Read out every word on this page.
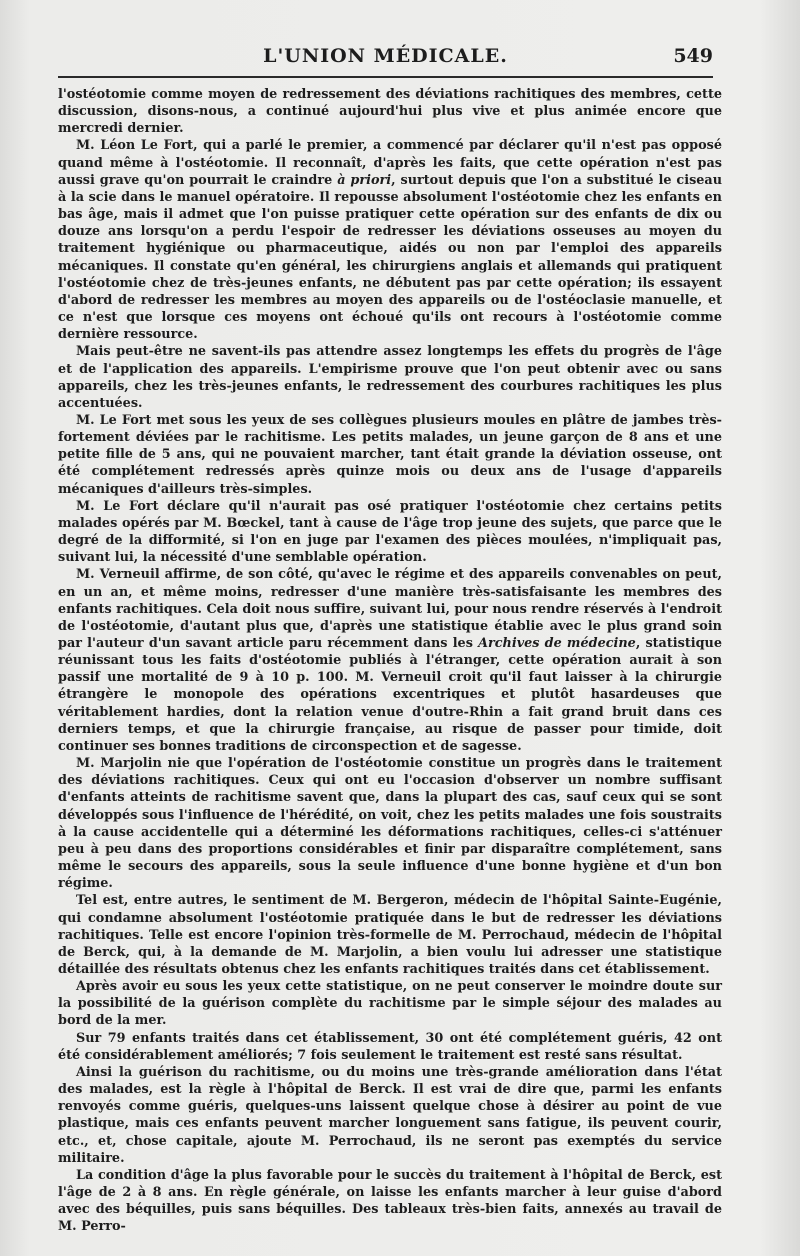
L'UNION MÉDICALE.	549

l'ostéotomie comme moyen de redressement des déviations rachitiques des membres, cette discussion, disons-nous, a continué aujourd'hui plus vive et plus animée encore que mercredi dernier.

M. Léon Le Fort, qui a parlé le premier, a commencé par déclarer qu'il n'est pas opposé quand même à l'ostéotomie. Il reconnaît, d'après les faits, que cette opération n'est pas aussi grave qu'on pourrait le craindre à priori, surtout depuis que l'on a substitué le ciseau à la scie dans le manuel opératoire. Il repousse absolument l'ostéotomie chez les enfants en bas âge, mais il admet que l'on puisse pratiquer cette opération sur des enfants de dix ou douze ans lorsqu'on a perdu l'espoir de redresser les déviations osseuses au moyen du traitement hygiénique ou pharmaceutique, aidés ou non par l'emploi des appareils mécaniques. Il constate qu'en général, les chirurgiens anglais et allemands qui pratiquent l'ostéotomie chez de très-jeunes enfants, ne débutent pas par cette opération; ils essayent d'abord de redresser les membres au moyen des appareils ou de l'ostéoclasie manuelle, et ce n'est que lorsque ces moyens ont échoué qu'ils ont recours à l'ostéotomie comme dernière ressource.

Mais peut-être ne savent-ils pas attendre assez longtemps les effets du progrès de l'âge et de l'application des appareils. L'empirisme prouve que l'on peut obtenir avec ou sans appareils, chez les très-jeunes enfants, le redressement des courbures rachitiques les plus accentuées.

M. Le Fort met sous les yeux de ses collègues plusieurs moules en plâtre de jambes très-fortement déviées par le rachitisme. Les petits malades, un jeune garçon de 8 ans et une petite fille de 5 ans, qui ne pouvaient marcher, tant était grande la déviation osseuse, ont été complétement redressés après quinze mois ou deux ans de l'usage d'appareils mécaniques d'ailleurs très-simples.

M. Le Fort déclare qu'il n'aurait pas osé pratiquer l'ostéotomie chez certains petits malades opérés par M. Bœckel, tant à cause de l'âge trop jeune des sujets, que parce que le degré de la difformité, si l'on en juge par l'examen des pièces moulées, n'impliquait pas, suivant lui, la nécessité d'une semblable opération.

M. Verneuil affirme, de son côté, qu'avec le régime et des appareils convenables on peut, en un an, et même moins, redresser d'une manière très-satisfaisante les membres des enfants rachitiques. Cela doit nous suffire, suivant lui, pour nous rendre réservés à l'endroit de l'ostéotomie, d'autant plus que, d'après une statistique établie avec le plus grand soin par l'auteur d'un savant article paru récemment dans les Archives de médecine, statistique réunissant tous les faits d'ostéotomie publiés à l'étranger, cette opération aurait à son passif une mortalité de 9 à 10 p. 100. M. Verneuil croit qu'il faut laisser à la chirurgie étrangère le monopole des opérations excentriques et plutôt hasardeuses que véritablement hardies, dont la relation venue d'outre-Rhin a fait grand bruit dans ces derniers temps, et que la chirurgie française, au risque de passer pour timide, doit continuer ses bonnes traditions de circonspection et de sagesse.

M. Marjolin nie que l'opération de l'ostéotomie constitue un progrès dans le traitement des déviations rachitiques. Ceux qui ont eu l'occasion d'observer un nombre suffisant d'enfants atteints de rachitisme savent que, dans la plupart des cas, sauf ceux qui se sont développés sous l'influence de l'hérédité, on voit, chez les petits malades une fois soustraits à la cause accidentelle qui a déterminé les déformations rachitiques, celles-ci s'atténuer peu à peu dans des proportions considérables et finir par disparaître complétement, sans même le secours des appareils, sous la seule influence d'une bonne hygiène et d'un bon régime.

Tel est, entre autres, le sentiment de M. Bergeron, médecin de l'hôpital Sainte-Eugénie, qui condamne absolument l'ostéotomie pratiquée dans le but de redresser les déviations rachitiques. Telle est encore l'opinion très-formelle de M. Perrochaud, médecin de l'hôpital de Berck, qui, à la demande de M. Marjolin, a bien voulu lui adresser une statistique détaillée des résultats obtenus chez les enfants rachitiques traités dans cet établissement.

Après avoir eu sous les yeux cette statistique, on ne peut conserver le moindre doute sur la possibilité de la guérison complète du rachitisme par le simple séjour des malades au bord de la mer.

Sur 79 enfants traités dans cet établissement, 30 ont été complétement guéris, 42 ont été considérablement améliorés; 7 fois seulement le traitement est resté sans résultat.

Ainsi la guérison du rachitisme, ou du moins une très-grande amélioration dans l'état des malades, est la règle à l'hôpital de Berck. Il est vrai de dire que, parmi les enfants renvoyés comme guéris, quelques-uns laissent quelque chose à désirer au point de vue plastique, mais ces enfants peuvent marcher longuement sans fatigue, ils peuvent courir, etc., et, chose capitale, ajoute M. Perrochaud, ils ne seront pas exemptés du service militaire.

La condition d'âge la plus favorable pour le succès du traitement à l'hôpital de Berck, est l'âge de 2 à 8 ans. En règle générale, on laisse les enfants marcher à leur guise d'abord avec des béquilles, puis sans béquilles. Des tableaux très-bien faits, annexés au travail de M. Perro-
